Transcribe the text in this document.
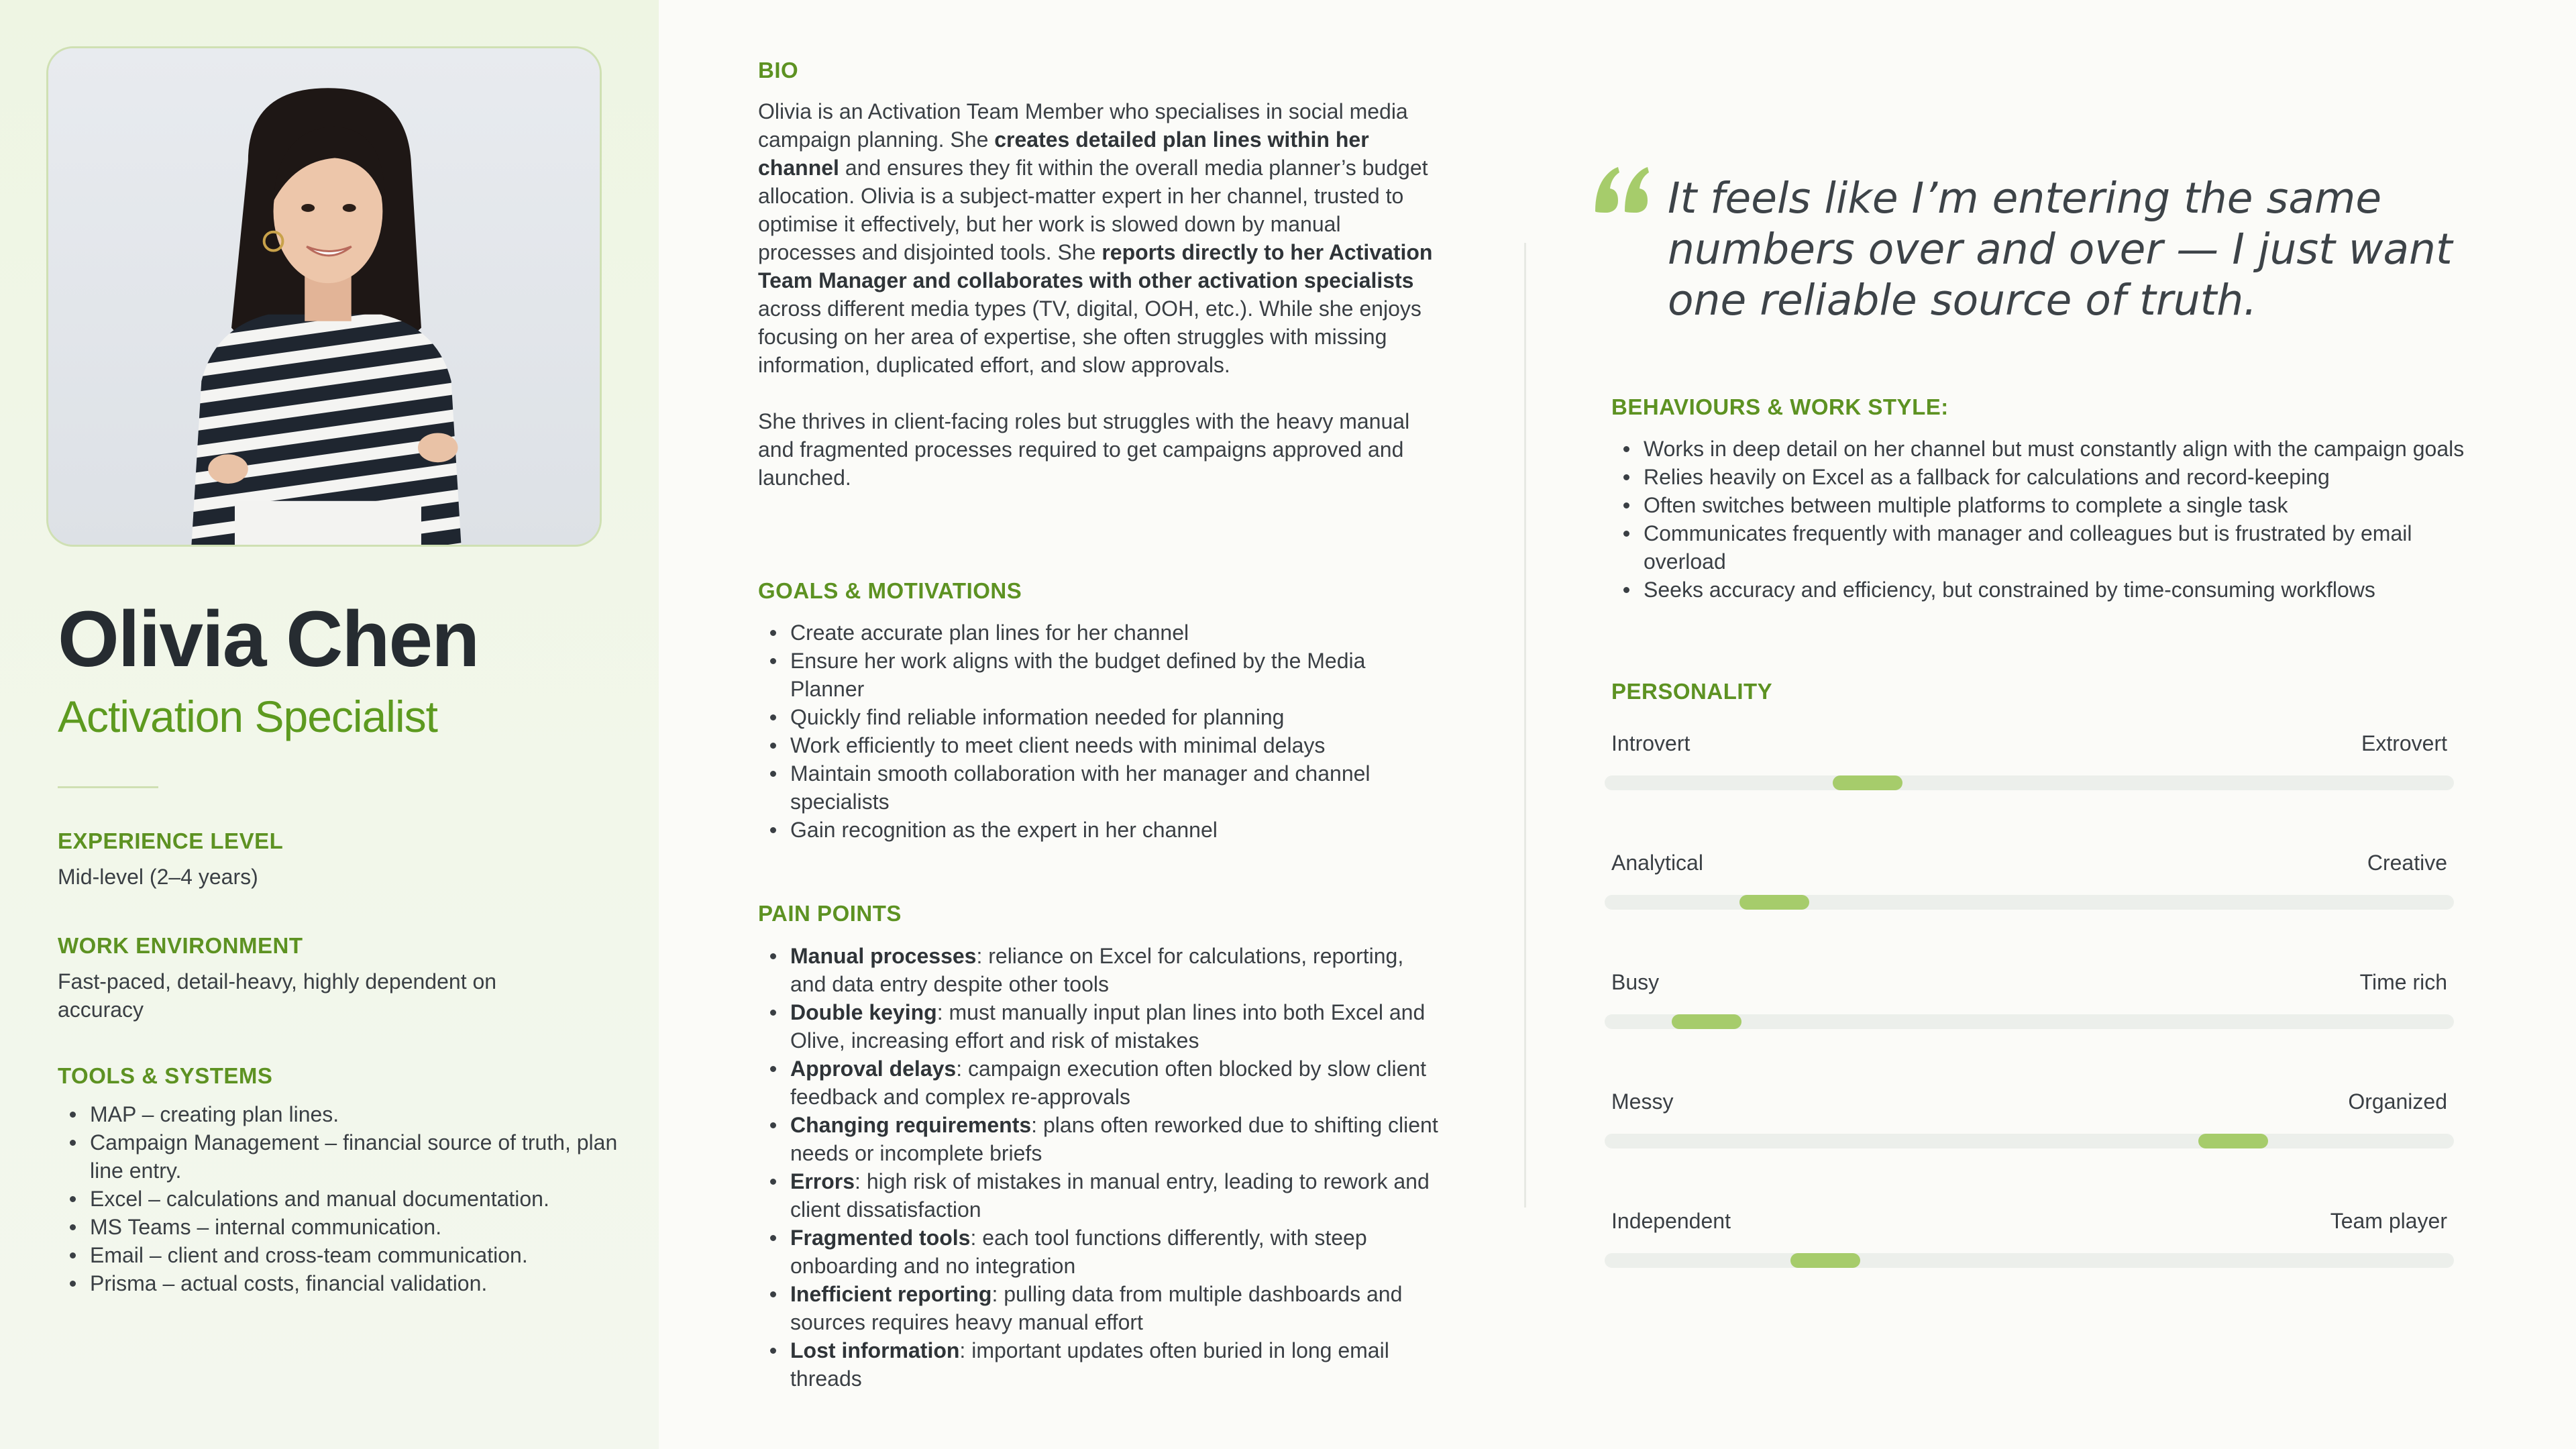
Olivia Chen
Activation Specialist
EXPERIENCE LEVEL
Mid-level (2–4 years)
WORK ENVIRONMENT
Fast-paced, detail-heavy, highly dependent on accuracy
TOOLS & SYSTEMS
MAP – creating plan lines.
Campaign Management – financial source of truth, plan line entry.
Excel – calculations and manual documentation.
MS Teams – internal communication.
Email – client and cross-team communication.
Prisma – actual costs, financial validation.
BIO

Olivia is an Activation Team Member who specialises in social media campaign planning. She creates detailed plan lines within her channel and ensures they fit within the overall media planner’s budget allocation. Olivia is a subject-matter expert in her channel, trusted to optimise it effectively, but her work is slowed down by manual processes and disjointed tools. She reports directly to her Activation Team Manager and collaborates with other activation specialists across different media types (TV, digital, OOH, etc.). While she enjoys focusing on her area of expertise, she often struggles with missing information, duplicated effort, and slow approvals.

She thrives in client-facing roles but struggles with the heavy manual and fragmented processes required to get campaigns approved and launched.

GOALS & MOTIVATIONS
Create accurate plan lines for her channel
Ensure her work aligns with the budget defined by the Media Planner
Quickly find reliable information needed for planning
Work efficiently to meet client needs with minimal delays
Maintain smooth collaboration with her manager and channel specialists
Gain recognition as the expert in her channel
PAIN POINTS
Manual processes: reliance on Excel for calculations, reporting, and data entry despite other tools
Double keying: must manually input plan lines into both Excel and Olive, increasing effort and risk of mistakes
Approval delays: campaign execution often blocked by slow client feedback and complex re-approvals
Changing requirements: plans often reworked due to shifting client needs or incomplete briefs
Errors: high risk of mistakes in manual entry, leading to rework and client dissatisfaction
Fragmented tools: each tool functions differently, with steep onboarding and no integration
Inefficient reporting: pulling data from multiple dashboards and sources requires heavy manual effort
Lost information: important updates often buried in long email threads
It feels like I’m entering the same numbers over and over — I just want one reliable source of truth.
BEHAVIOURS & WORK STYLE:
Works in deep detail on her channel but must constantly align with the campaign goals
Relies heavily on Excel as a fallback for calculations and record-keeping
Often switches between multiple platforms to complete a single task
Communicates frequently with manager and colleagues but is frustrated by email overload
Seeks accuracy and efficiency, but constrained by time-consuming workflows
PERSONALITY
Introvert	Extrovert
Analytical	Creative
Busy	Time rich
Messy	Organized
Independent	Team player
